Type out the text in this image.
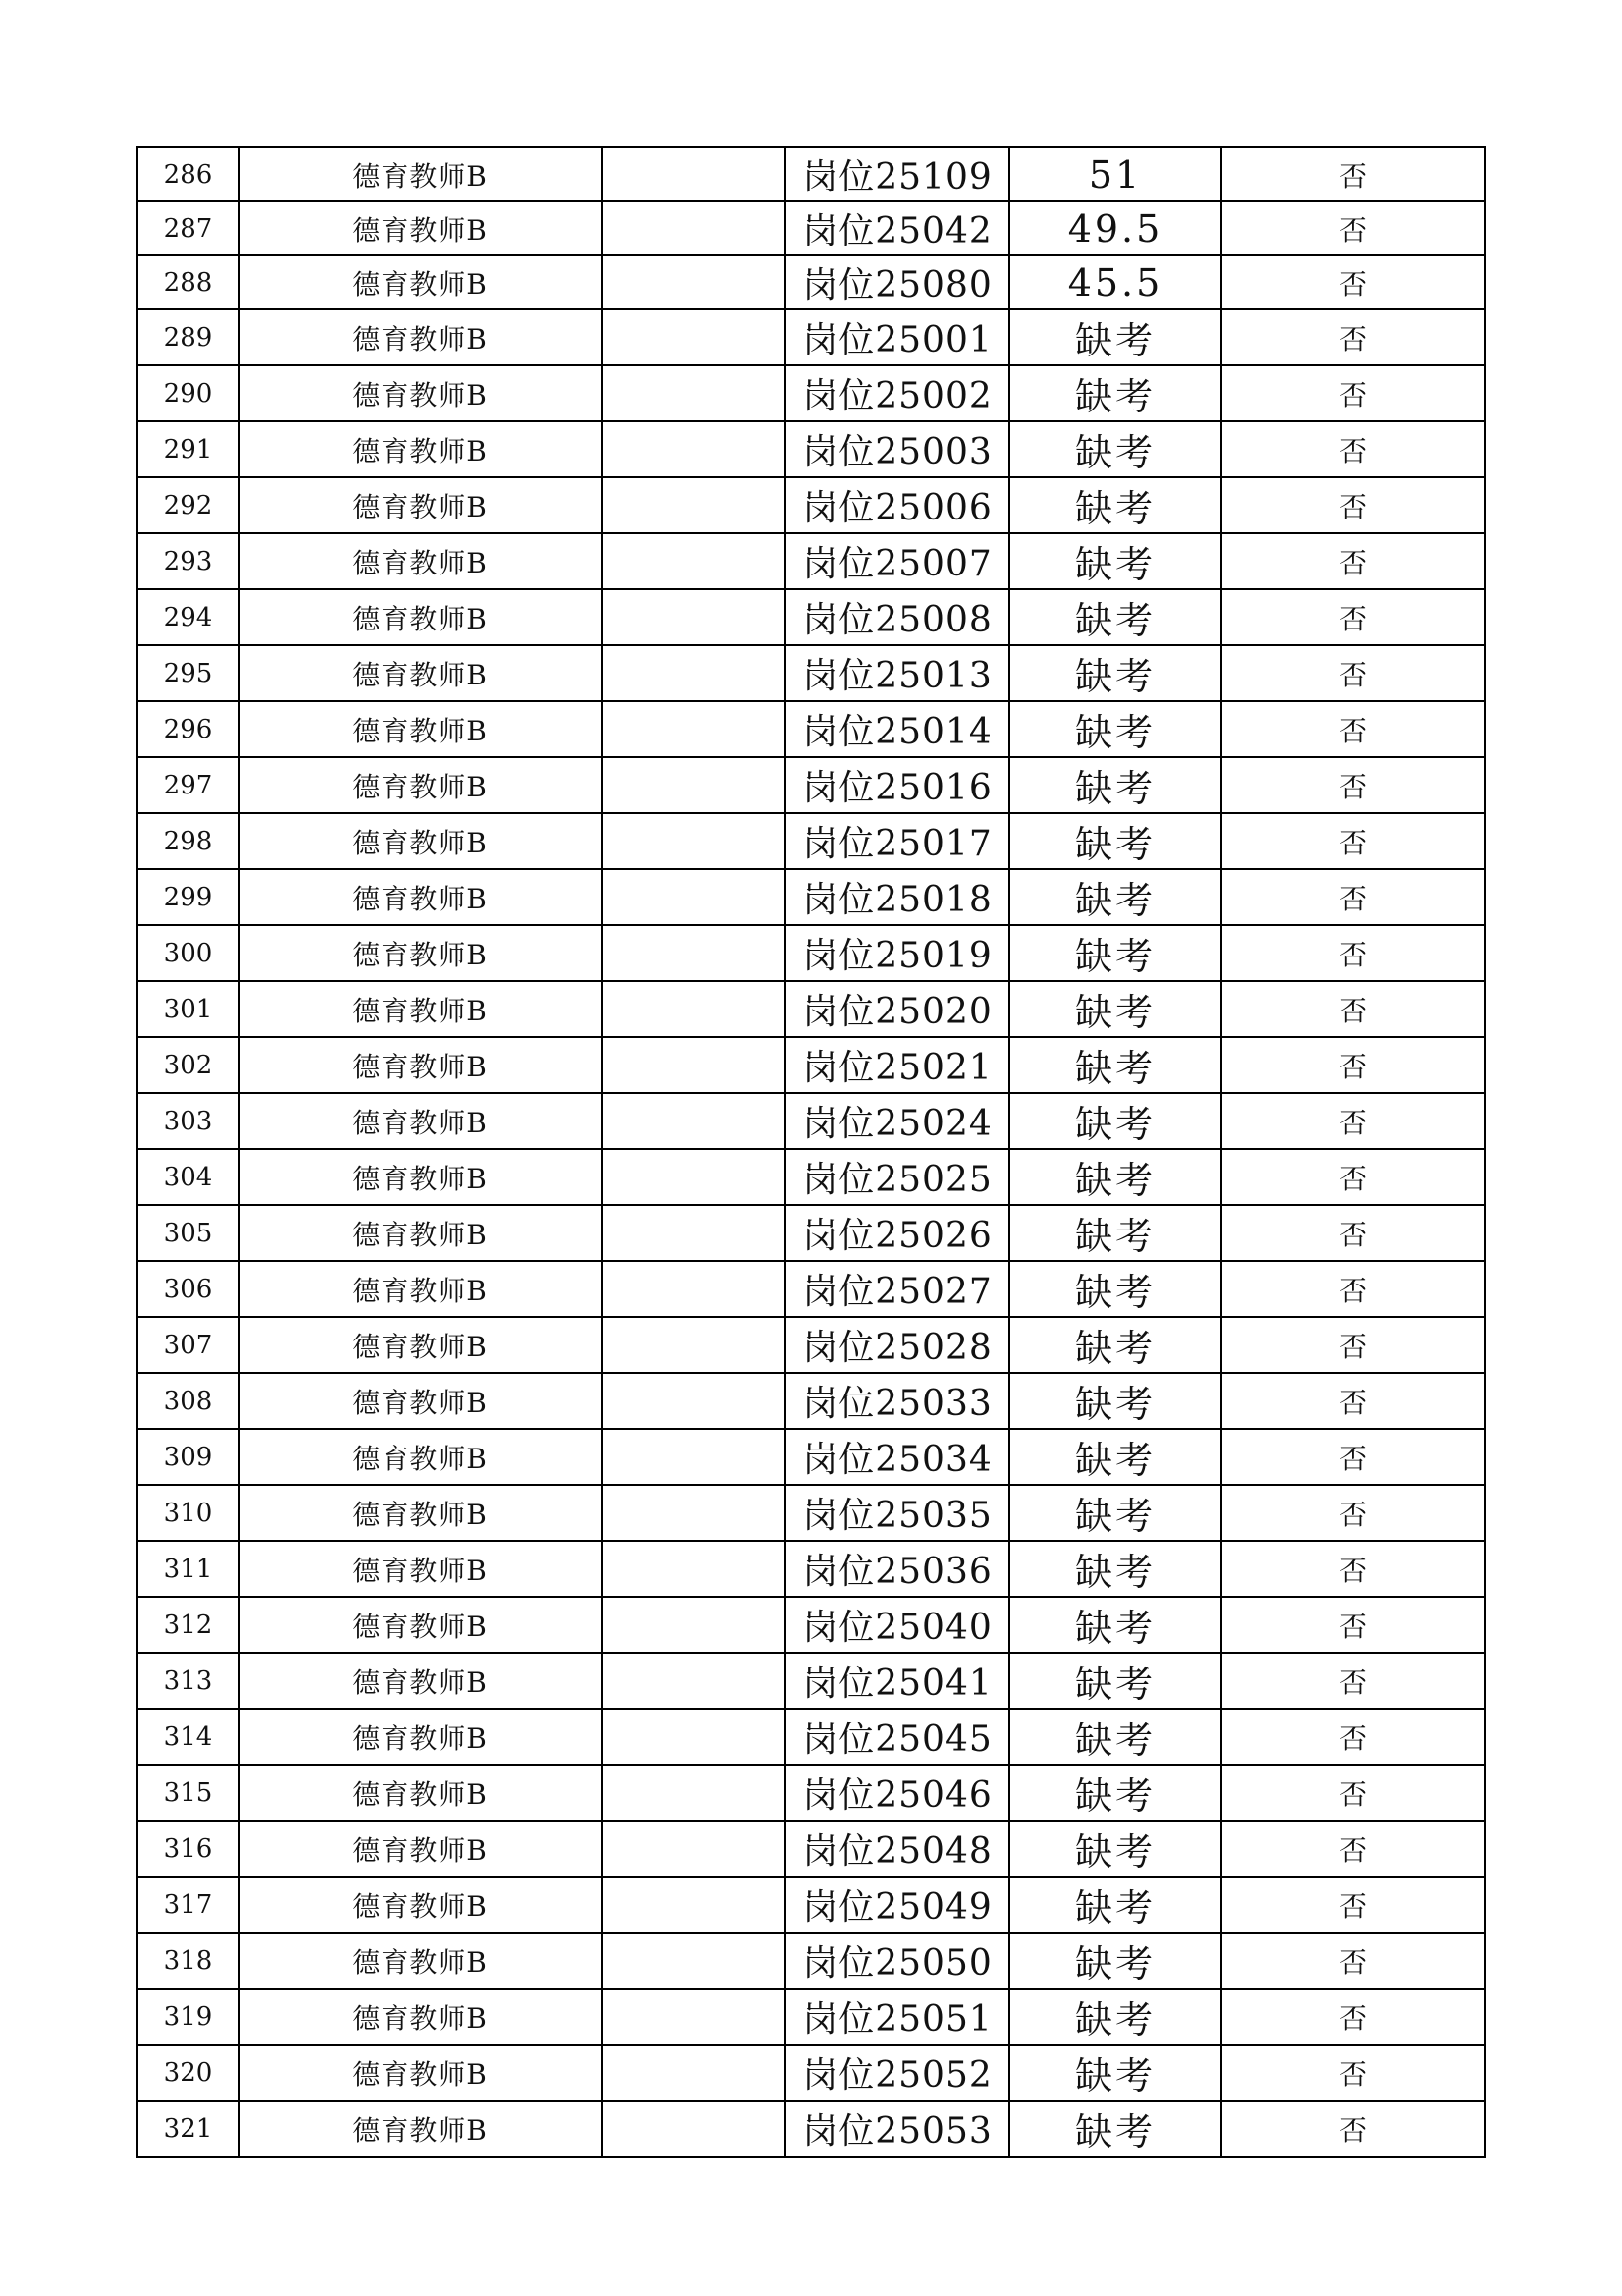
286	德育教师B		岗位25109	51	否
287	德育教师B		岗位25042	49.5	否
288	德育教师B		岗位25080	45.5	否
289	德育教师B		岗位25001	缺考	否
290	德育教师B		岗位25002	缺考	否
291	德育教师B		岗位25003	缺考	否
292	德育教师B		岗位25006	缺考	否
293	德育教师B		岗位25007	缺考	否
294	德育教师B		岗位25008	缺考	否
295	德育教师B		岗位25013	缺考	否
296	德育教师B		岗位25014	缺考	否
297	德育教师B		岗位25016	缺考	否
298	德育教师B		岗位25017	缺考	否
299	德育教师B		岗位25018	缺考	否
300	德育教师B		岗位25019	缺考	否
301	德育教师B		岗位25020	缺考	否
302	德育教师B		岗位25021	缺考	否
303	德育教师B		岗位25024	缺考	否
304	德育教师B		岗位25025	缺考	否
305	德育教师B		岗位25026	缺考	否
306	德育教师B		岗位25027	缺考	否
307	德育教师B		岗位25028	缺考	否
308	德育教师B		岗位25033	缺考	否
309	德育教师B		岗位25034	缺考	否
310	德育教师B		岗位25035	缺考	否
311	德育教师B		岗位25036	缺考	否
312	德育教师B		岗位25040	缺考	否
313	德育教师B		岗位25041	缺考	否
314	德育教师B		岗位25045	缺考	否
315	德育教师B		岗位25046	缺考	否
316	德育教师B		岗位25048	缺考	否
317	德育教师B		岗位25049	缺考	否
318	德育教师B		岗位25050	缺考	否
319	德育教师B		岗位25051	缺考	否
320	德育教师B		岗位25052	缺考	否
321	德育教师B		岗位25053	缺考	否
